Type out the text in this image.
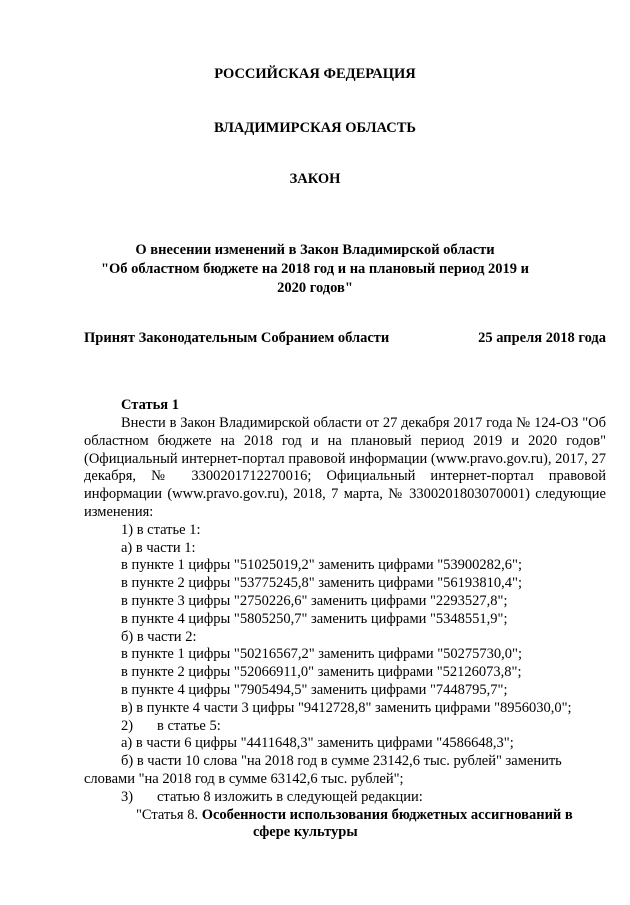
РОССИЙСКАЯ ФЕДЕРАЦИЯ
ВЛАДИМИРСКАЯ ОБЛАСТЬ
ЗАКОН
О внесении изменений в Закон Владимирской области
"Об областном бюджете на 2018 год и на плановый период 2019 и
2020 годов"
Принят Законодательным Собранием области	25 апреля 2018 года
Статья 1
Внести в Закон Владимирской области от 27 декабря 2017 года № 124-ОЗ "Об областном бюджете на 2018 год и на плановый период 2019 и 2020 годов" (Официальный интернет-портал правовой информации (www.pravo.gov.ru), 2017, 27 декабря, № 3300201712270016; Официальный интернет-портал правовой информации (www.pravo.gov.ru), 2018, 7 марта, № 3300201803070001) следующие изменения:
1) в статье 1:
а) в части 1:
в пункте 1 цифры "51025019,2" заменить цифрами "53900282,6";
в пункте 2 цифры "53775245,8" заменить цифрами "56193810,4";
в пункте 3 цифры "2750226,6" заменить цифрами "2293527,8";
в пункте 4 цифры "5805250,7" заменить цифрами "5348551,9";
б) в части 2:
в пункте 1 цифры "50216567,2" заменить цифрами "50275730,0";
в пункте 2 цифры "52066911,0" заменить цифрами "52126073,8";
в пункте 4 цифры "7905494,5" заменить цифрами "7448795,7";
в) в пункте 4 части 3 цифры "9412728,8" заменить цифрами "8956030,0";
2) в статье 5:
а) в части 6 цифры "4411648,3" заменить цифрами "4586648,3";
б) в части 10 слова "на 2018 год в сумме 23142,6 тыс. рублей" заменить
словами "на 2018 год в сумме 63142,6 тыс. рублей";
3) статью 8 изложить в следующей редакции:
"Статья 8. Особенности использования бюджетных ассигнований в
сфере культуры
